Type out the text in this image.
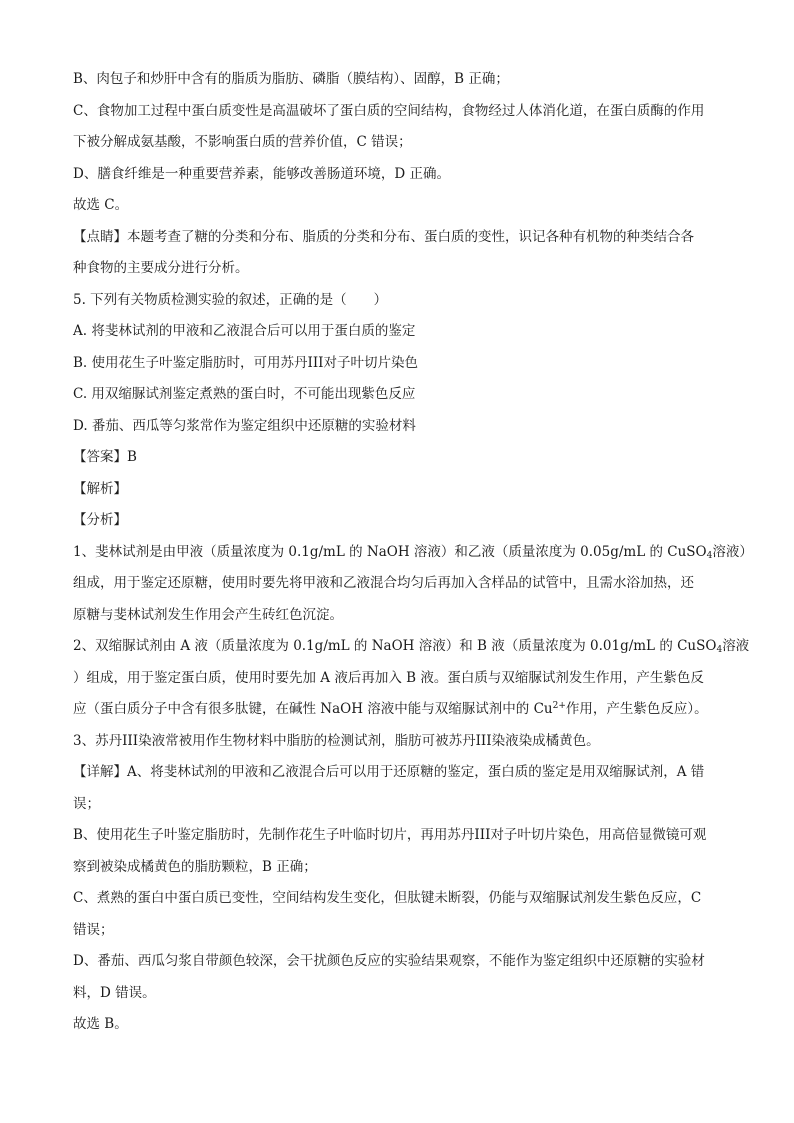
B、肉包子和炒肝中含有的脂质为脂肪、磷脂（膜结构）、固醇，B 正确；
C、食物加工过程中蛋白质变性是高温破坏了蛋白质的空间结构，食物经过人体消化道，在蛋白质酶的作用
下被分解成氨基酸，不影响蛋白质的营养价值，C 错误；
D、膳食纤维是一种重要营养素，能够改善肠道环境，D 正确。
故选 C。
【点睛】本题考查了糖的分类和分布、脂质的分类和分布、蛋白质的变性，识记各种有机物的种类结合各
种食物的主要成分进行分析。
5. 下列有关物质检测实验的叙述，正确的是（　　）
A. 将斐林试剂的甲液和乙液混合后可以用于蛋白质的鉴定
B. 使用花生子叶鉴定脂肪时，可用苏丹III对子叶切片染色
C. 用双缩脲试剂鉴定煮熟的蛋白时，不可能出现紫色反应
D. 番茄、西瓜等匀浆常作为鉴定组织中还原糖的实验材料
【答案】B
【解析】
【分析】
1、斐林试剂是由甲液（质量浓度为 0.1g/mL 的 NaOH 溶液）和乙液（质量浓度为 0.05g/mL 的 CuSO$_4$溶液）
组成，用于鉴定还原糖，使用时要先将甲液和乙液混合均匀后再加入含样品的试管中，且需水浴加热，还
原糖与斐林试剂发生作用会产生砖红色沉淀。
2、双缩脲试剂由 A 液（质量浓度为 0.1g/mL 的 NaOH 溶液）和 B 液（质量浓度为 0.01g/mL 的 CuSO$_4$溶液
）组成，用于鉴定蛋白质，使用时要先加 A 液后再加入 B 液。蛋白质与双缩脲试剂发生作用，产生紫色反
应（蛋白质分子中含有很多肽键，在碱性 NaOH 溶液中能与双缩脲试剂中的 $Cu^{2+}$作用，产生紫色反应）。
3、苏丹III染液常被用作生物材料中脂肪的检测试剂，脂肪可被苏丹III染液染成橘黄色。
【详解】A、将斐林试剂的甲液和乙液混合后可以用于还原糖的鉴定，蛋白质的鉴定是用双缩脲试剂，A 错
误；
B、使用花生子叶鉴定脂肪时，先制作花生子叶临时切片，再用苏丹III对子叶切片染色，用高倍显微镜可观
察到被染成橘黄色的脂肪颗粒，B 正确；
C、煮熟的蛋白中蛋白质已变性，空间结构发生变化，但肽键未断裂，仍能与双缩脲试剂发生紫色反应，C
错误；
D、番茄、西瓜匀浆自带颜色较深，会干扰颜色反应的实验结果观察，不能作为鉴定组织中还原糖的实验材
料，D 错误。
故选 B。
